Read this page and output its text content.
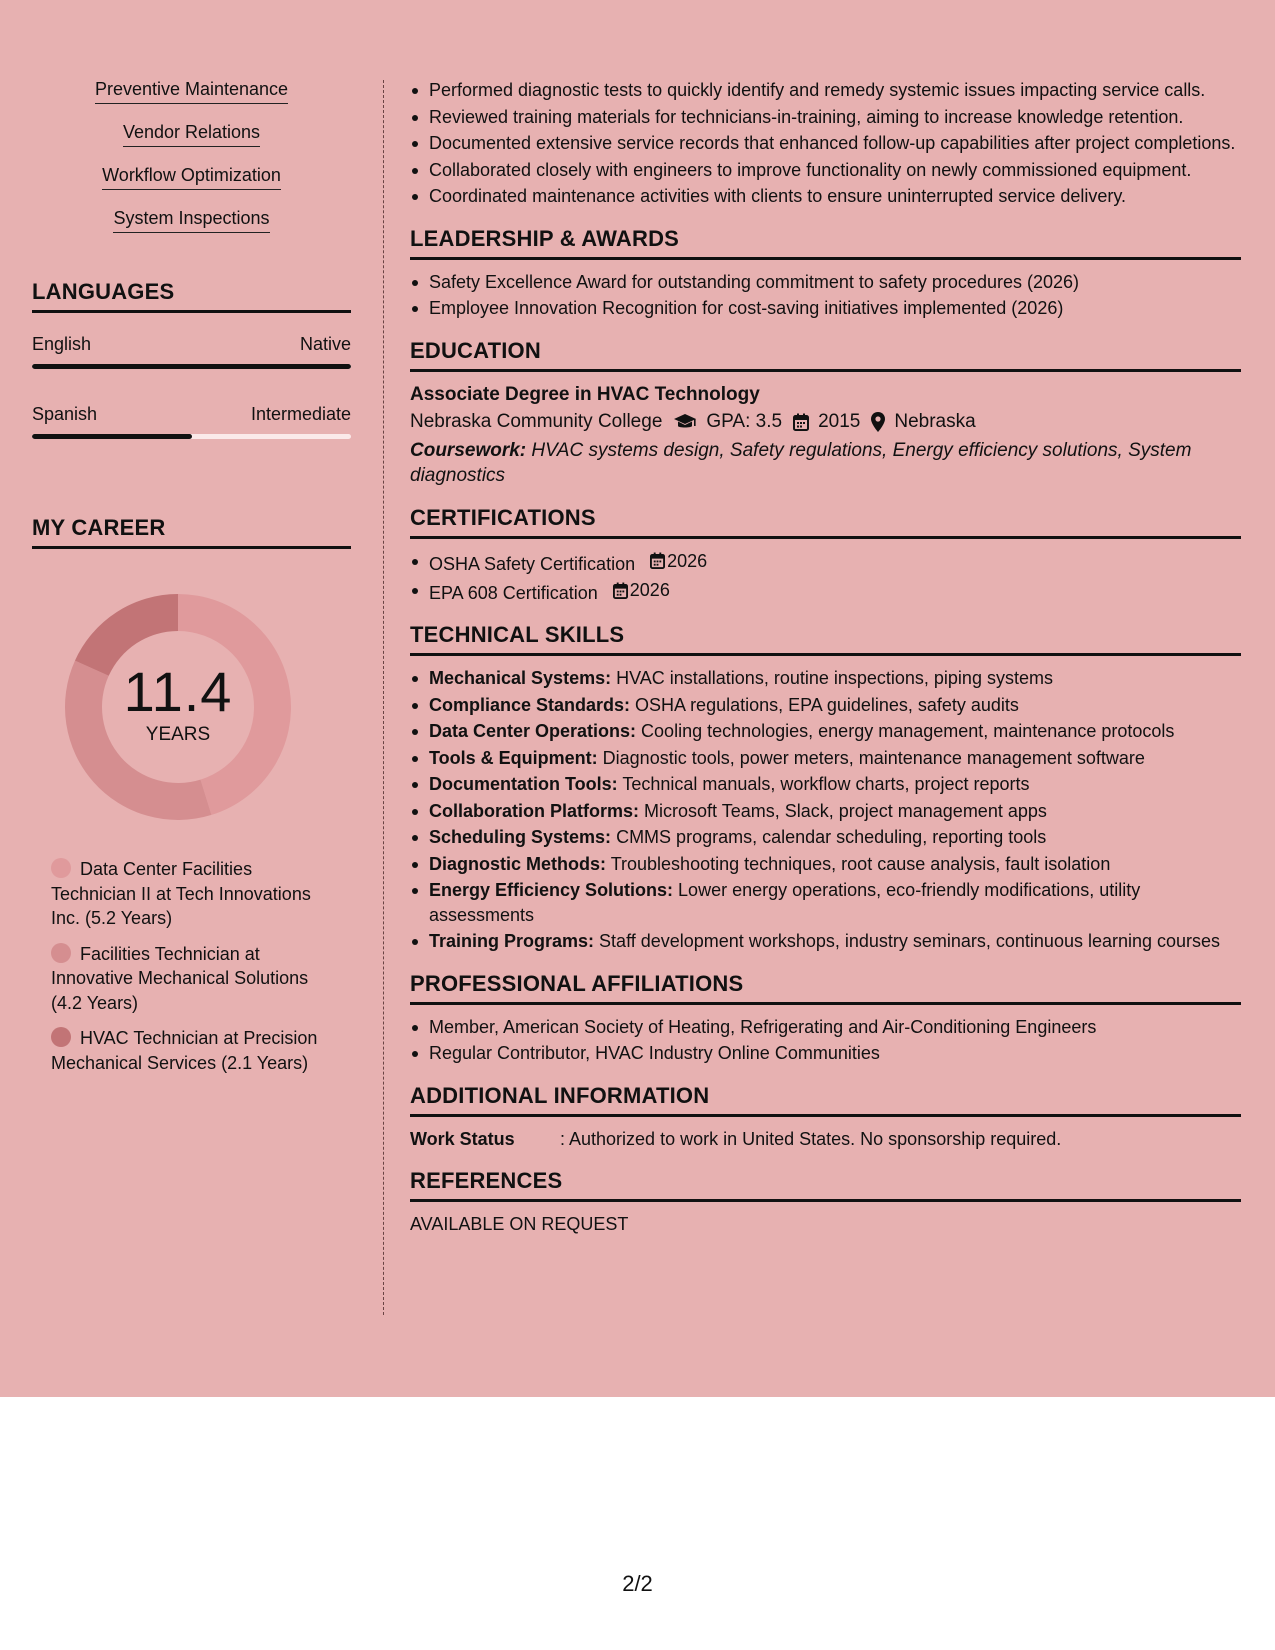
Preventive Maintenance
Vendor Relations
Workflow Optimization
System Inspections
LANGUAGES
English	Native
Spanish	Intermediate
MY CAREER
11.4
YEARS
Data Center Facilities Technician II at Tech Innovations Inc. (5.2 Years)
Facilities Technician at Innovative Mechanical Solutions (4.2 Years)
HVAC Technician at Precision Mechanical Services (2.1 Years)
Performed diagnostic tests to quickly identify and remedy systemic issues impacting service calls.
Reviewed training materials for technicians-in-training, aiming to increase knowledge retention.
Documented extensive service records that enhanced follow-up capabilities after project completions.
Collaborated closely with engineers to improve functionality on newly commissioned equipment.
Coordinated maintenance activities with clients to ensure uninterrupted service delivery.
LEADERSHIP & AWARDS
Safety Excellence Award for outstanding commitment to safety procedures (2026)
Employee Innovation Recognition for cost-saving initiatives implemented (2026)
EDUCATION
Associate Degree in HVAC Technology
Nebraska Community College GPA: 3.5 2015 Nebraska
Coursework: HVAC systems design, Safety regulations, Energy efficiency solutions, System diagnostics
CERTIFICATIONS
OSHA Safety Certification 2026
EPA 608 Certification 2026
TECHNICAL SKILLS
Mechanical Systems: HVAC installations, routine inspections, piping systems
Compliance Standards: OSHA regulations, EPA guidelines, safety audits
Data Center Operations: Cooling technologies, energy management, maintenance protocols
Tools & Equipment: Diagnostic tools, power meters, maintenance management software
Documentation Tools: Technical manuals, workflow charts, project reports
Collaboration Platforms: Microsoft Teams, Slack, project management apps
Scheduling Systems: CMMS programs, calendar scheduling, reporting tools
Diagnostic Methods: Troubleshooting techniques, root cause analysis, fault isolation
Energy Efficiency Solutions: Lower energy operations, eco-friendly modifications, utility assessments
Training Programs: Staff development workshops, industry seminars, continuous learning courses
PROFESSIONAL AFFILIATIONS
Member, American Society of Heating, Refrigerating and Air-Conditioning Engineers
Regular Contributor, HVAC Industry Online Communities
ADDITIONAL INFORMATION
Work Status	: Authorized to work in United States. No sponsorship required.
REFERENCES
AVAILABLE ON REQUEST
2/2
